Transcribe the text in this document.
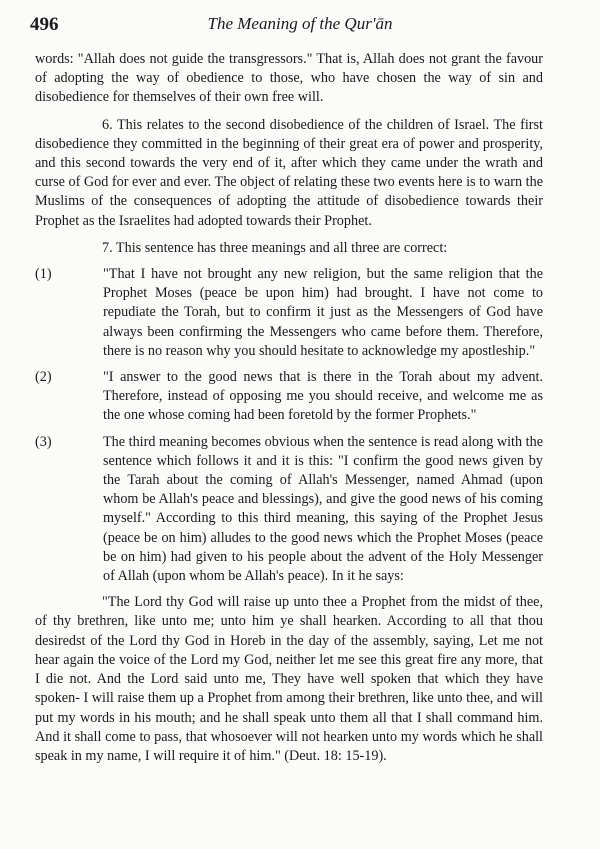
496	The Meaning of the Qur'ān

words: "Allah does not guide the transgressors." That is, Allah does not grant the favour of adopting the way of obedience to those, who have chosen the way of sin and disobedience for themselves of their own free will.

6. This relates to the second disobedience of the children of Israel. The first disobedience they committed in the beginning of their great era of power and prosperity, and this second towards the very end of it, after which they came under the wrath and curse of God for ever and ever. The object of relating these two events here is to warn the Muslims of the consequences of adopting the attitude of disobedience towards their Prophet as the Israelites had adopted towards their Prophet.

7. This sentence has three meanings and all three are correct:

(1)	"That I have not brought any new religion, but the same religion that the Prophet Moses (peace be upon him) had brought. I have not come to repudiate the Torah, but to confirm it just as the Messengers of God have always been confirming the Messengers who came before them. Therefore, there is no reason why you should hesitate to acknowledge my apostleship."
(2)	"I answer to the good news that is there in the Torah about my advent. Therefore, instead of opposing me you should receive, and welcome me as the one whose coming had been foretold by the former Prophets."
(3)	The third meaning becomes obvious when the sentence is read along with the sentence which follows it and it is this: "I confirm the good news given by the Tarah about the coming of Allah's Messenger, named Ahmad (upon whom be Allah's peace and blessings), and give the good news of his coming myself." According to this third meaning, this saying of the Prophet Jesus (peace be on him) alludes to the good news which the Prophet Moses (peace be on him) had given to his people about the advent of the Holy Messenger of Allah (upon whom be Allah's peace). In it he says:

"The Lord thy God will raise up unto thee a Prophet from the midst of thee, of thy brethren, like unto me; unto him ye shall hearken. According to all that thou desiredst of the Lord thy God in Horeb in the day of the assembly, saying, Let me not hear again the voice of the Lord my God, neither let me see this great fire any more, that I die not. And the Lord said unto me, They have well spoken that which they have spoken- I will raise them up a Prophet from among their brethren, like unto thee, and will put my words in his mouth; and he shall speak unto them all that I shall command him. And it shall come to pass, that whosoever will not hearken unto my words which he shall speak in my name, I will require it of him." (Deut. 18: 15-19).
